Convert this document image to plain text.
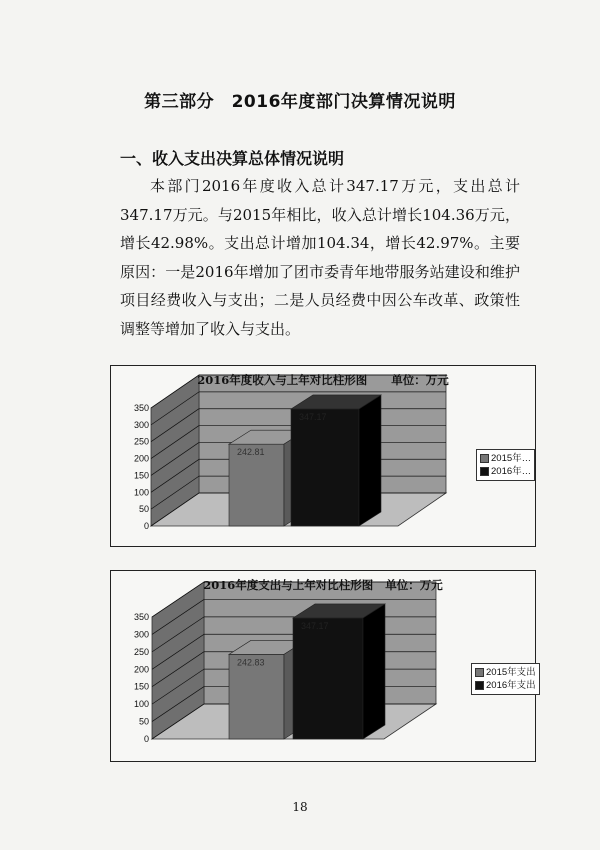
第三部分　2016年度部门决算情况说明
一、收入支出决算总体情况说明
本部门2016年度收入总计347.17万元，支出总计347.17万元。与2015年相比，收入总计增长104.36万元，增长42.98%。支出总计增加104.34，增长42.97%。主要原因：一是2016年增加了团市委青年地带服务站建设和维护项目经费收入与支出；二是人员经费中因公车改革、政策性调整等增加了收入与支出。
350
300
250
200
150
100
50
0
242.81
347.17
2016年度收入与上年对比柱形图 单位：万元
2015年…
2016年…
350
300
250
200
150
100
50
0
242.83
347.17
2016年度支出与上年对比柱形图 单位：万元
2015年支出
2016年支出
18
